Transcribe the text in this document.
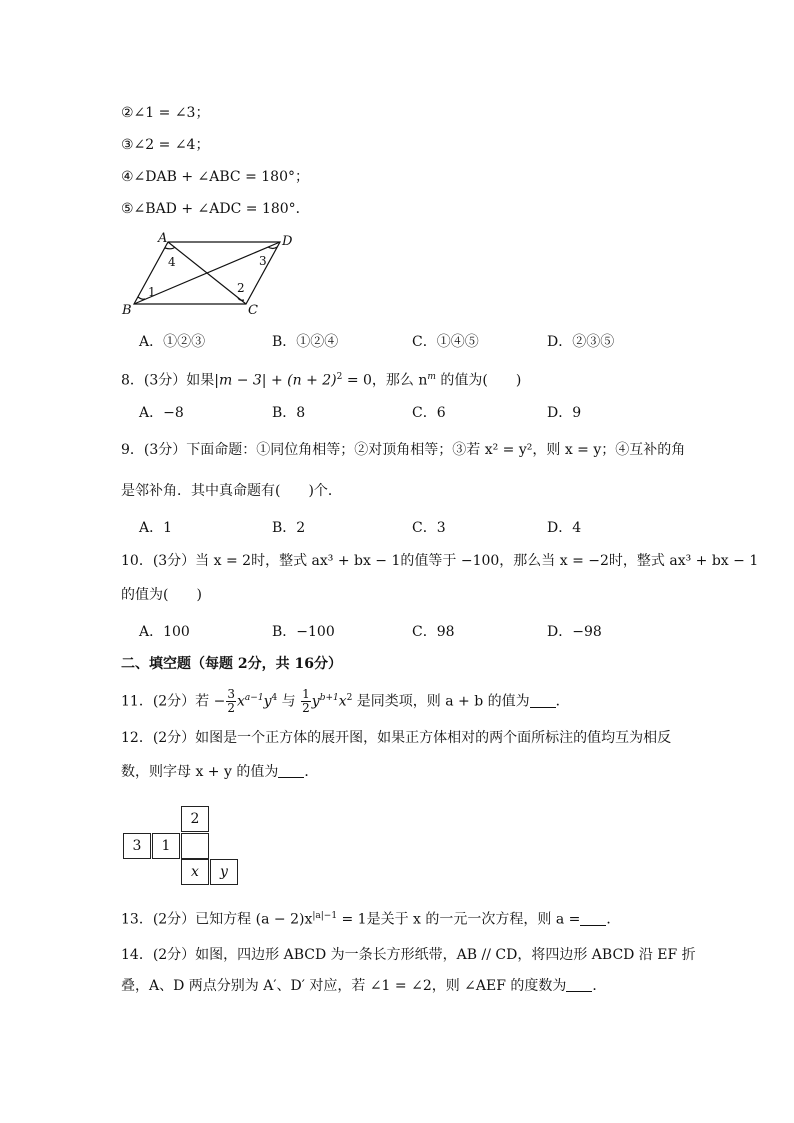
②∠1 = ∠3；
③∠2 = ∠4；
④∠DAB + ∠ABC = 180°；
⑤∠BAD + ∠ADC = 180°．
A	D
B	C
4	3
1	2
A．①②③	B．①②④	C．①④⑤	D．②③⑤
8．(3分）如果$|m - 3| + (n + 2)^2 = 0$，那么 $n^m$ 的值为(　　)
A．−8	B．8	C．6	D．9
9．(3分）下面命题：①同位角相等；②对顶角相等；③若 x² = y²，则 x = y；④互补的角
是邻补角．其中真命题有(　　)个．
A．1	B．2	C．3	D．4
10．(3分）当 x = 2时，整式 ax³ + bx − 1的值等于 −100，那么当 x = −2时，整式 ax³ + bx − 1
的值为(　　)
A．100	B．−100	C．98	D．−98
二、填空题（每题 2分，共 16分）
11．(2分）若 − $\frac{3}{2} x^{a-1}y^4$ 与 $\frac{1}{2} y^{b+1}x^2$ 是同类项，则 a + b 的值为 ．
12．(2分）如图是一个正方体的展开图，如果正方体相对的两个面所标注的值均互为相反
数，则字母 x + y 的值为 ．
2
3	1
x	y
13．(2分）已知方程 $(a - 2)x^{|a|-1} = 1$是关于 x 的一元一次方程，则 a = ．
14．(2分）如图，四边形 ABCD 为一条长方形纸带，AB // CD，将四边形 ABCD 沿 EF 折
叠，A、D 两点分别为 A′、D′ 对应，若 ∠1 = ∠2，则 ∠AEF 的度数为 ．
